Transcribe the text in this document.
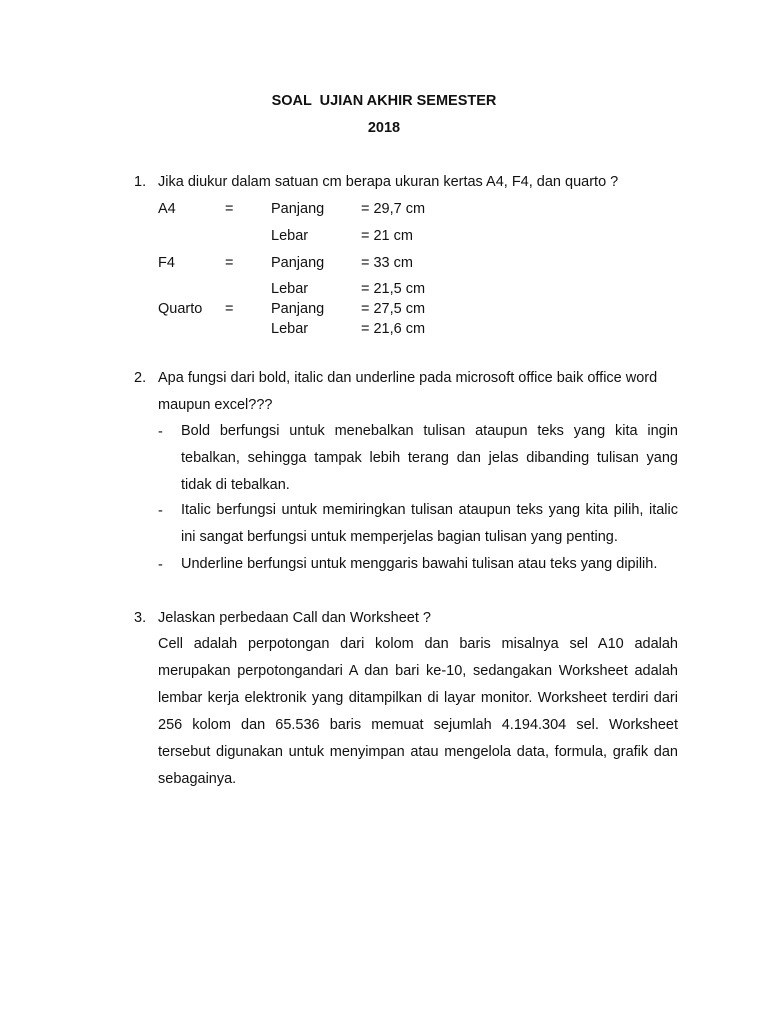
SOAL  UJIAN AKHIR SEMESTER
2018
1. Jika diukur dalam satuan cm berapa ukuran kertas A4, F4, dan quarto ?
A4	=	Panjang	= 29,7 cm
Lebar	= 21 cm
F4	=	Panjang	= 33 cm
Lebar	= 21,5 cm
Quarto =	Panjang	= 27,5 cm
Lebar	= 21,6 cm
2. Apa fungsi dari bold, italic dan underline pada microsoft office baik office word
maupun excel???
- Bold berfungsi untuk menebalkan tulisan ataupun teks yang kita ingin tebalkan, sehingga tampak lebih terang dan jelas dibanding tulisan yang tidak di tebalkan.
- Italic berfungsi untuk memiringkan tulisan ataupun teks yang kita pilih, italic ini sangat berfungsi untuk memperjelas bagian tulisan yang penting.
- Underline berfungsi untuk menggaris bawahi tulisan atau teks yang dipilih.
3. Jelaskan perbedaan Call dan Worksheet ?
Cell adalah perpotongan dari kolom dan baris misalnya sel A10 adalah merupakan perpotongandari A dan bari ke-10, sedangakan Worksheet adalah lembar kerja elektronik yang ditampilkan di layar monitor. Worksheet terdiri dari 256 kolom dan 65.536 baris memuat sejumlah 4.194.304 sel. Worksheet tersebut digunakan untuk menyimpan atau mengelola data, formula, grafik dan sebagainya.
